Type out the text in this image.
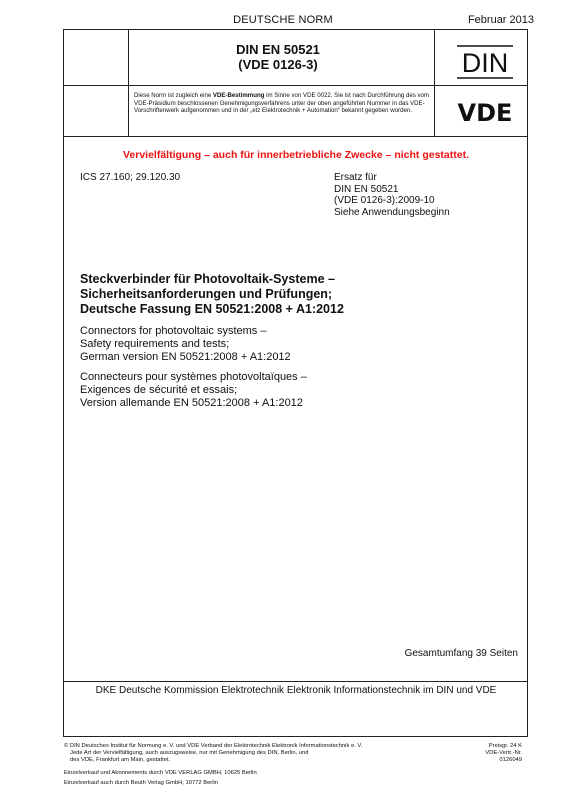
DEUTSCHE NORM	Februar 2013
DIN EN 50521
(VDE 0126-3)	DIN
VDE
Diese Norm ist zugleich eine VDE-Bestimmung im Sinne von VDE 0022. Sie ist nach Durchführung des vom VDE-Präsidium beschlossenen Genehmigungsverfahrens unter der oben angeführten Nummer in das VDE-Vorschriftenwerk aufgenommen und in der „etz Elektrotechnik + Automation“ bekannt gegeben worden.
Vervielfältigung – auch für innerbetriebliche Zwecke – nicht gestattet.
ICS 27.160; 29.120.30	Ersatz für
DIN EN 50521
(VDE 0126-3):2009-10
Siehe Anwendungsbeginn
Steckverbinder für Photovoltaik-Systeme –
Sicherheitsanforderungen und Prüfungen;
Deutsche Fassung EN 50521:2008 + A1:2012
Connectors for photovoltaic systems –
Safety requirements and tests;
German version EN 50521:2008 + A1:2012
Connecteurs pour systèmes photovoltaïques –
Exigences de sécurité et essais;
Version allemande EN 50521:2008 + A1:2012
Gesamtumfang 39 Seiten
DKE Deutsche Kommission Elektrotechnik Elektronik Informationstechnik im DIN und VDE
© DIN Deutsches Institut für Normung e. V. und VDE Verband der Elektrotechnik Elektronik Informationstechnik e. V.
Jede Art der Vervielfältigung, auch auszugsweise, nur mit Genehmigung des DIN, Berlin, und
des VDE, Frankfurt am Main, gestattet.
Preisgr. 24 K
VDE-Vertr.-Nr. 0126049
Einzelverkauf und Abonnements durch VDE VERLAG GMBH, 10625 Berlin
Einzelverkauf auch durch Beuth Verlag GmbH, 10772 Berlin
